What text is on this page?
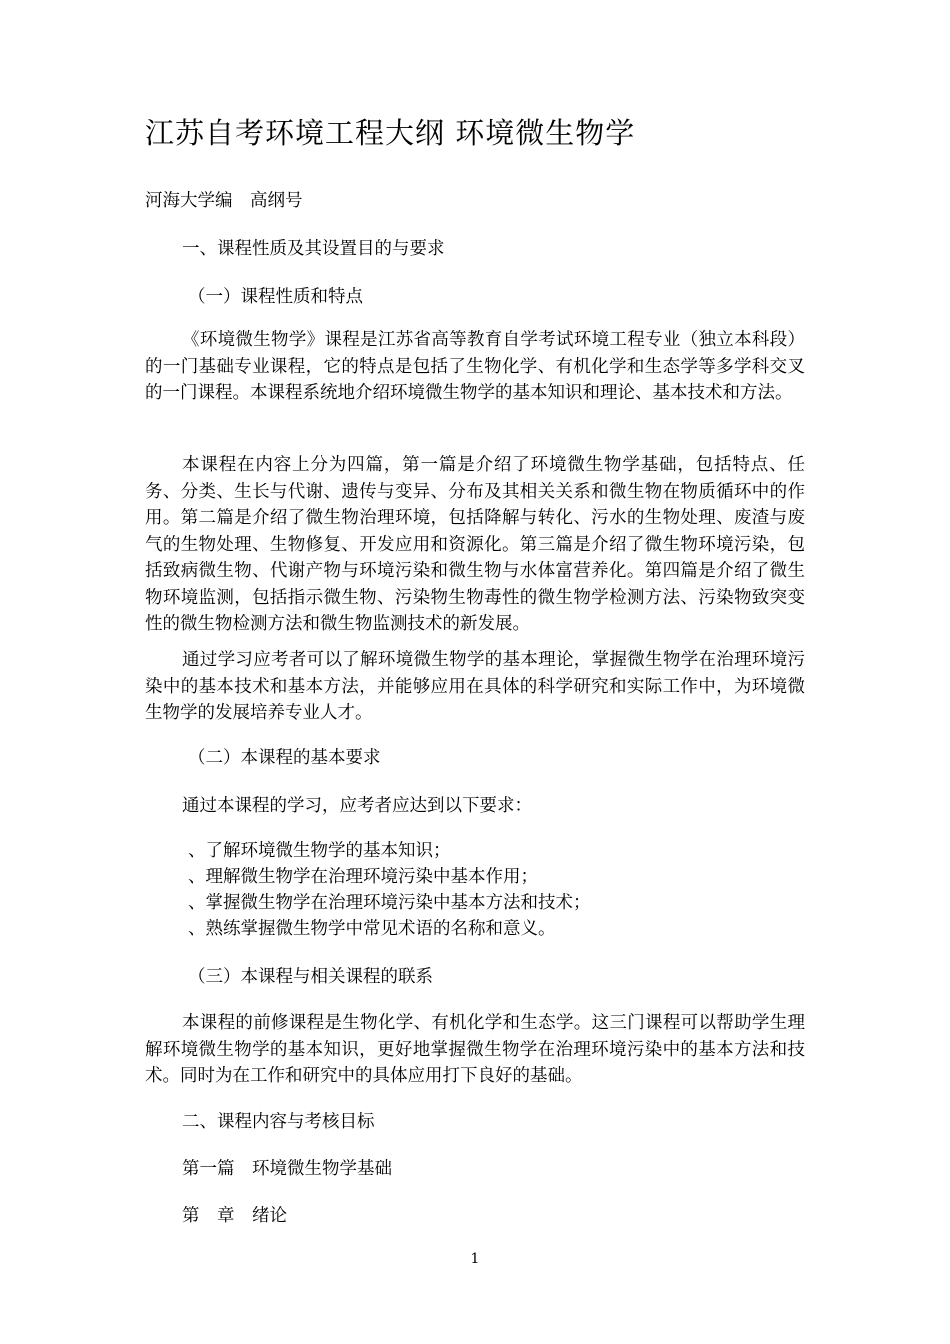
江苏自考环境工程大纲 环境微生物学
河海大学编　高纲号
一、课程性质及其设置目的与要求
（一）课程性质和特点
《环境微生物学》课程是江苏省高等教育自学考试环境工程专业（独立本科段）的一门基础专业课程，它的特点是包括了生物化学、有机化学和生态学等多学科交叉的一门课程。本课程系统地介绍环境微生物学的基本知识和理论、基本技术和方法。
本课程在内容上分为四篇，第一篇是介绍了环境微生物学基础，包括特点、任务、分类、生长与代谢、遗传与变异、分布及其相关关系和微生物在物质循环中的作用。第二篇是介绍了微生物治理环境，包括降解与转化、污水的生物处理、废渣与废气的生物处理、生物修复、开发应用和资源化。第三篇是介绍了微生物环境污染，包括致病微生物、代谢产物与环境污染和微生物与水体富营养化。第四篇是介绍了微生物环境监测，包括指示微生物、污染物生物毒性的微生物学检测方法、污染物致突变性的微生物检测方法和微生物监测技术的新发展。
通过学习应考者可以了解环境微生物学的基本理论，掌握微生物学在治理环境污染中的基本技术和基本方法，并能够应用在具体的科学研究和实际工作中，为环境微生物学的发展培养专业人才。
（二）本课程的基本要求
通过本课程的学习，应考者应达到以下要求：
、了解环境微生物学的基本知识；
、理解微生物学在治理环境污染中基本作用；
、掌握微生物学在治理环境污染中基本方法和技术；
、熟练掌握微生物学中常见术语的名称和意义。
（三）本课程与相关课程的联系
本课程的前修课程是生物化学、有机化学和生态学。这三门课程可以帮助学生理解环境微生物学的基本知识，更好地掌握微生物学在治理环境污染中的基本方法和技术。同时为在工作和研究中的具体应用打下良好的基础。
二、课程内容与考核目标
第一篇　环境微生物学基础
第　章　绪论
1
